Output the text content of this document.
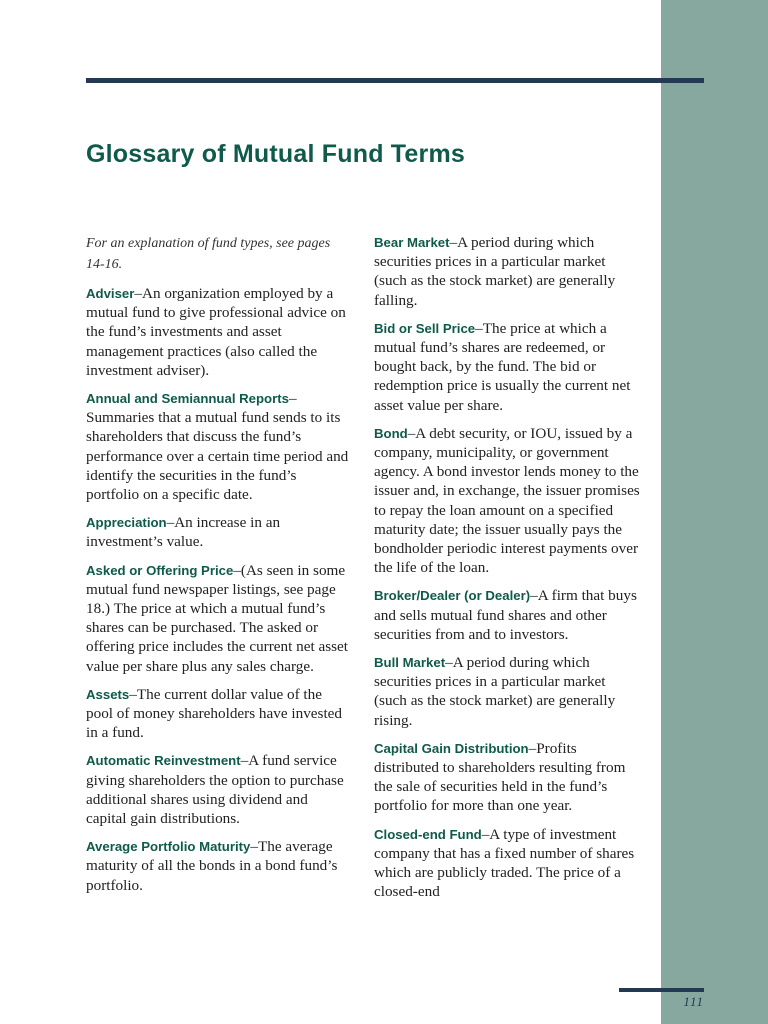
Glossary of Mutual Fund Terms

For an explanation of fund types, see pages 14-16.

Adviser–An organization employed by a mutual fund to give professional advice on the fund’s investments and asset management practices (also called the investment adviser).

Annual and Semiannual Reports–Summaries that a mutual fund sends to its shareholders that discuss the fund’s performance over a certain time period and identify the securities in the fund’s portfolio on a specific date.

Appreciation–An increase in an investment’s value.

Asked or Offering Price–(As seen in some mutual fund newspaper listings, see page 18.) The price at which a mutual fund’s shares can be purchased. The asked or offering price includes the current net asset value per share plus any sales charge.

Assets–The current dollar value of the pool of money shareholders have invested in a fund.

Automatic Reinvestment–A fund service giving shareholders the option to purchase additional shares using dividend and capital gain distributions.

Average Portfolio Maturity–The average maturity of all the bonds in a bond fund’s portfolio.

Bear Market–A period during which securities prices in a particular market (such as the stock market) are generally falling.

Bid or Sell Price–The price at which a mutual fund’s shares are redeemed, or bought back, by the fund. The bid or redemption price is usually the current net asset value per share.

Bond–A debt security, or IOU, issued by a company, municipality, or government agency. A bond investor lends money to the issuer and, in exchange, the issuer promises to repay the loan amount on a specified maturity date; the issuer usually pays the bondholder periodic interest payments over the life of the loan.

Broker/Dealer (or Dealer)–A firm that buys and sells mutual fund shares and other securities from and to investors.

Bull Market–A period during which securities prices in a particular market (such as the stock market) are generally rising.

Capital Gain Distribution–Profits distributed to shareholders resulting from the sale of securities held in the fund’s portfolio for more than one year.

Closed-end Fund–A type of investment company that has a fixed number of shares which are publicly traded. The price of a closed-end

111
